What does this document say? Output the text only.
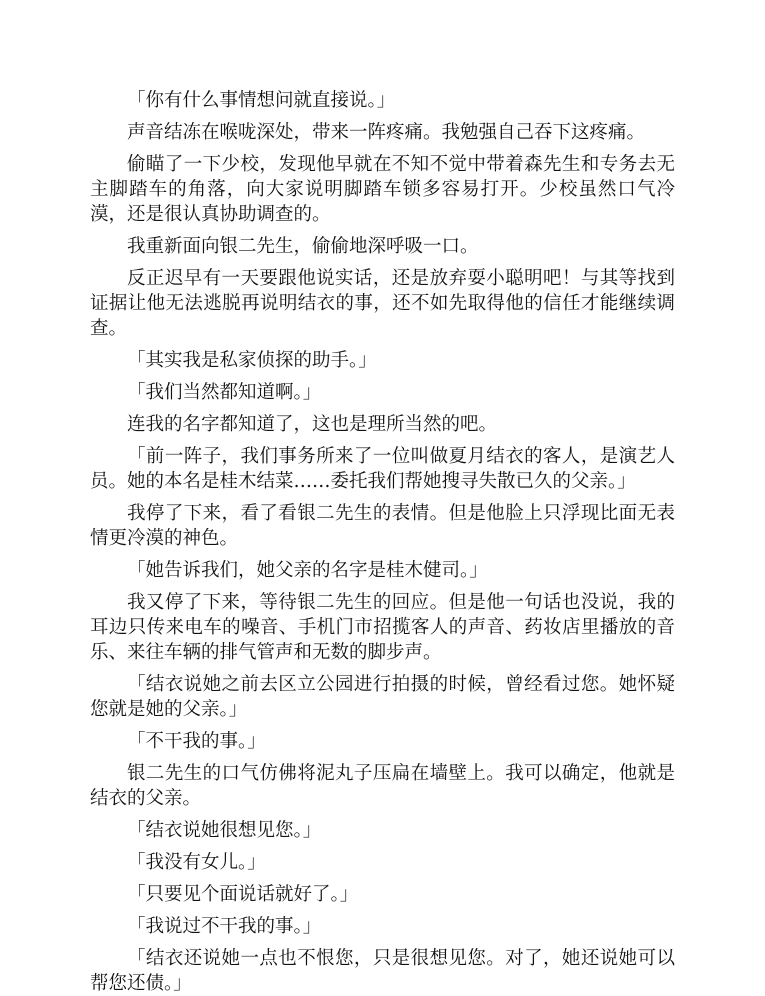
「你有什么事情想问就直接说。」

声音结冻在喉咙深处，带来一阵疼痛。我勉强自己吞下这疼痛。

偷瞄了一下少校，发现他早就在不知不觉中带着森先生和专务去无主脚踏车的角落，向大家说明脚踏车锁多容易打开。少校虽然口气冷漠，还是很认真协助调查的。

我重新面向银二先生，偷偷地深呼吸一口。

反正迟早有一天要跟他说实话，还是放弃耍小聪明吧！与其等找到证据让他无法逃脱再说明结衣的事，还不如先取得他的信任才能继续调查。

「其实我是私家侦探的助手。」

「我们当然都知道啊。」

连我的名字都知道了，这也是理所当然的吧。

「前一阵子，我们事务所来了一位叫做夏月结衣的客人，是演艺人员。她的本名是桂木结菜……委托我们帮她搜寻失散已久的父亲。」

我停了下来，看了看银二先生的表情。但是他脸上只浮现比面无表情更冷漠的神色。

「她告诉我们，她父亲的名字是桂木健司。」

我又停了下来，等待银二先生的回应。但是他一句话也没说，我的耳边只传来电车的噪音、手机门市招揽客人的声音、药妆店里播放的音乐、来往车辆的排气管声和无数的脚步声。

「结衣说她之前去区立公园进行拍摄的时候，曾经看过您。她怀疑您就是她的父亲。」

「不干我的事。」

银二先生的口气仿佛将泥丸子压扁在墙壁上。我可以确定，他就是结衣的父亲。

「结衣说她很想见您。」

「我没有女儿。」

「只要见个面说话就好了。」

「我说过不干我的事。」

「结衣还说她一点也不恨您，只是很想见您。对了，她还说她可以帮您还债。」
